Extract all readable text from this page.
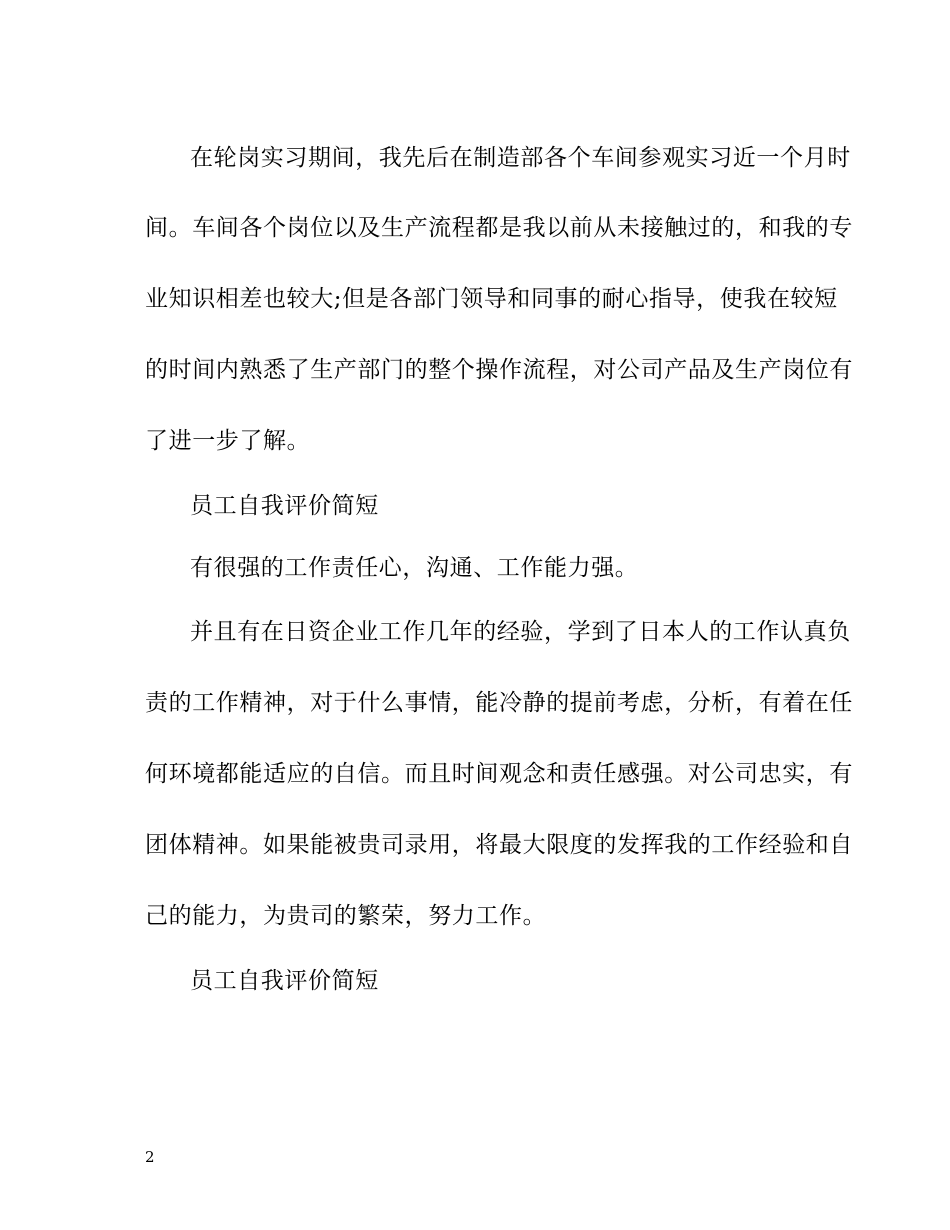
在轮岗实习期间，我先后在制造部各个车间参观实习近一个月时
间。车间各个岗位以及生产流程都是我以前从未接触过的，和我的专
业知识相差也较大;但是各部门领导和同事的耐心指导，使我在较短
的时间内熟悉了生产部门的整个操作流程，对公司产品及生产岗位有
了进一步了解。
员工自我评价简短
有很强的工作责任心，沟通、工作能力强。
并且有在日资企业工作几年的经验，学到了日本人的工作认真负
责的工作精神，对于什么事情，能冷静的提前考虑，分析，有着在任
何环境都能适应的自信。而且时间观念和责任感强。对公司忠实，有
团体精神。如果能被贵司录用，将最大限度的发挥我的工作经验和自
己的能力，为贵司的繁荣，努力工作。
员工自我评价简短
2
